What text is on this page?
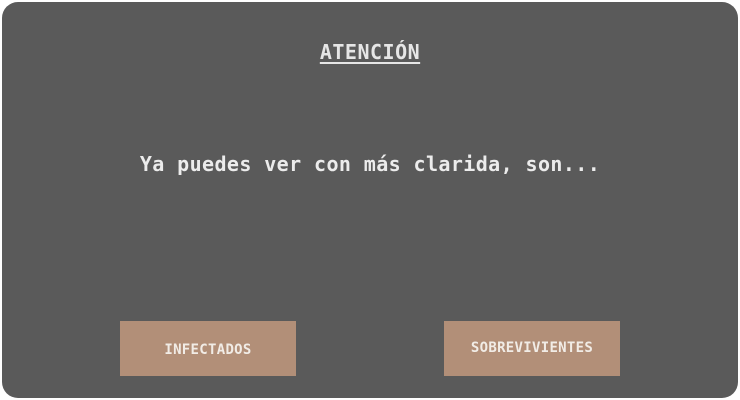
ATENCIÓN
Ya puedes ver con más clarida, son...
INFECTADOS	SOBREVIVIENTES
